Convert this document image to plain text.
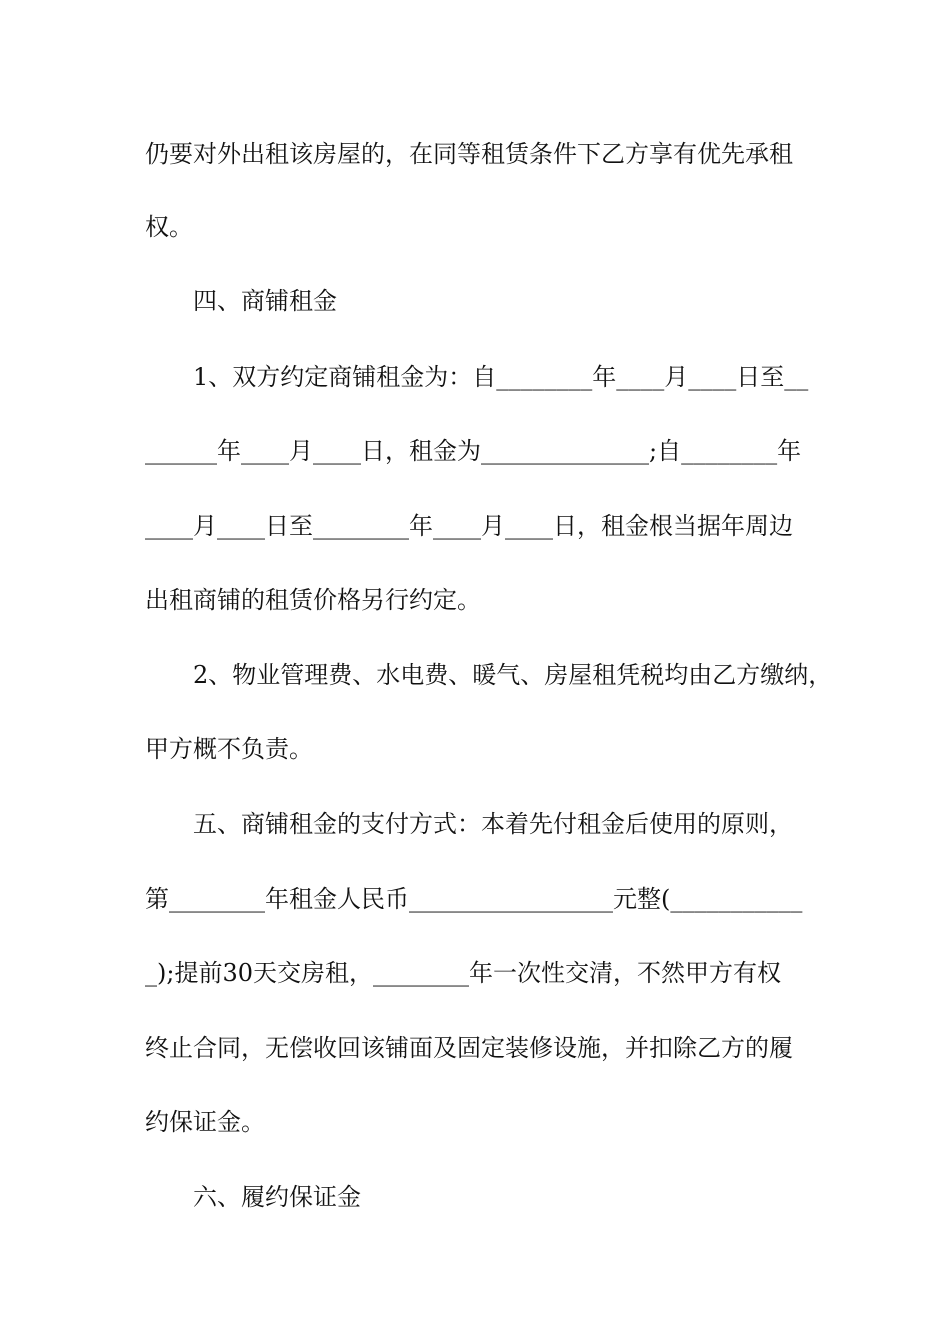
仍要对外出租该房屋的，在同等租赁条件下乙方享有优先承租
权。
四、商铺租金
1、双方约定商铺租金为：自________年____月____日至__
______年____月____日，租金为______________;自________年
____月____日至________年____月____日，租金根当据年周边
出租商铺的租赁价格另行约定。
2、物业管理费、水电费、暖气、房屋租凭税均由乙方缴纳，
甲方概不负责。
五、商铺租金的支付方式：本着先付租金后使用的原则，
第________年租金人民币_________________元整(___________
_);提前30天交房租，________年一次性交清，不然甲方有权
终止合同，无偿收回该铺面及固定装修设施，并扣除乙方的履
约保证金。
六、履约保证金
